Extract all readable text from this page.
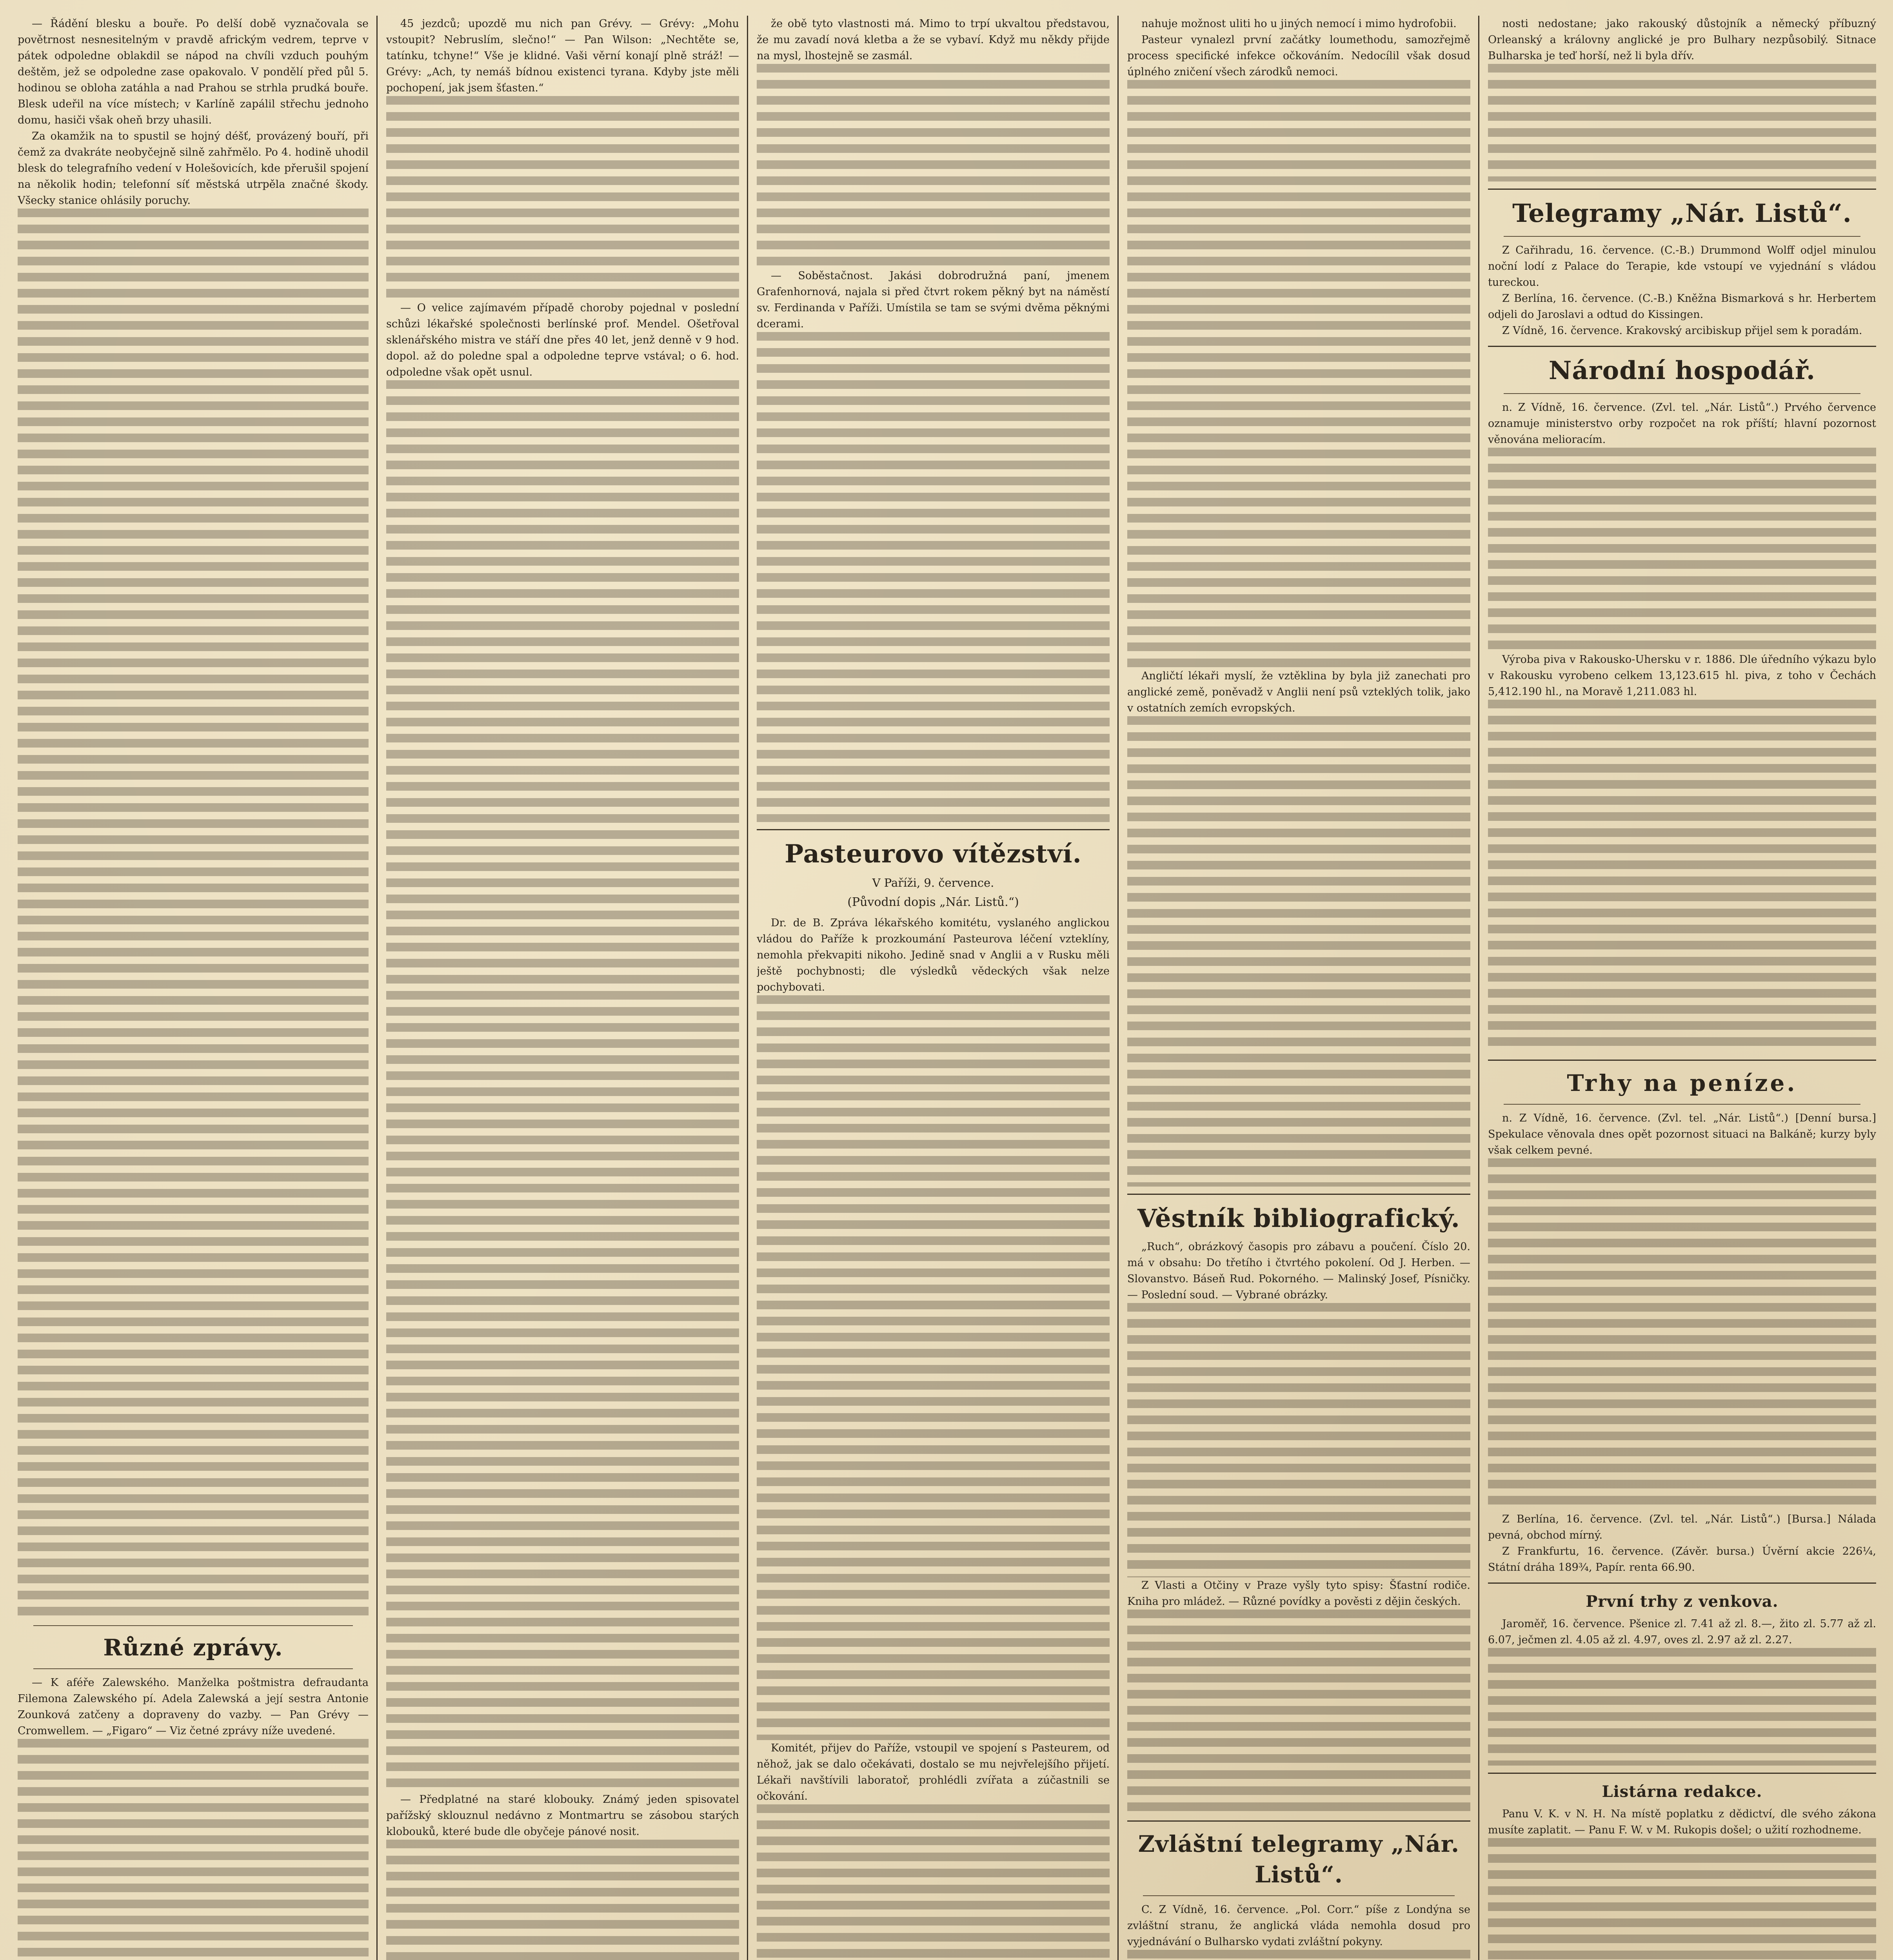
— Řádění blesku a bouře. Po delší době vyznačovala se povětrnost nesnesitelným v pravdě africkým vedrem, teprve v pátek odpoledne oblakdil se nápod na chvíli vzduch pouhým deštěm, jež se odpoledne zase opakovalo. V pondělí před půl 5. hodinou se obloha zatáhla a nad Prahou se strhla prudká bouře. Blesk udeřil na více místech; v Karlíně zapálil střechu jednoho domu, hasiči však oheň brzy uhasili.

Za okamžik na to spustil se hojný déšť, provázený bouří, při čemž za dvakráte neobyčejně silně zahřmělo. Po 4. hodině uhodil blesk do telegrafního vedení v Holešovicích, kde přerušil spojení na několik hodin; telefonní síť městská utrpěla značné škody. Všecky stanice ohlásily poruchy.

Různé zprávy.

— K aféře Zalewského. Manželka poštmistra defraudanta Filemona Zalewského pí. Adela Zalewská a její sestra Antonie Zounková zatčeny a dopraveny do vazby. — Pan Grévy — Cromwellem. — „Figaro“ — Viz četné zprávy níže uvedené.

45 jezdců; upozdě mu nich pan Grévy. — Grévy: „Mohu vstoupit? Nebruslím, slečno!“ — Pan Wilson: „Nechtěte se, tatínku, tchyne!“ Vše je klidné. Vaši věrní konají plně stráž! — Grévy: „Ach, ty nemáš bídnou existenci tyrana. Kdyby jste měli pochopení, jak jsem šťasten.“

— O velice zajímavém případě choroby pojednal v poslední schůzi lékařské společnosti berlínské prof. Mendel. Ošetřoval sklenářského mistra ve stáří dne přes 40 let, jenž denně v 9 hod. dopol. až do poledne spal a odpoledne teprve vstával; o 6. hod. odpoledne však opět usnul.

— Předplatné na staré klobouky. Známý jeden spisovatel pařížský sklouznul nedávno z Montmartru se zásobou starých klobouků, které bude dle obyčeje pánové nosit.

že obě tyto vlastnosti má. Mimo to trpí ukvaltou představou, že mu zavadí nová kletba a že se vybaví. Když mu někdy přijde na mysl, lhostejně se zasmál.

— Soběstačnost. Jakási dobrodružná paní, jmenem Grafenhornová, najala si před čtvrt rokem pěkný byt na náměstí sv. Ferdinanda v Paříži. Umístila se tam se svými dvěma pěknými dcerami.

Pasteurovo vítězství.
V Paříži, 9. července.
(Původní dopis „Nár. Listů.“)

Dr. de B. Zpráva lékařského komitétu, vyslaného anglickou vládou do Paříže k prozkoumání Pasteurova léčení vzteklíny, nemohla překvapiti nikoho. Jedině snad v Anglii a v Rusku měli ještě pochybnosti; dle výsledků vědeckých však nelze pochybovati.

Komitét, přijev do Paříže, vstoupil ve spojení s Pasteurem, od něhož, jak se dalo očekávati, dostalo se mu nejvřelejšího přijetí. Lékaři navštívili laboratoř, prohlédli zvířata a zúčastnili se očkování.

nahuje možnost uliti ho u jiných nemocí i mimo hydrofobii.

Pasteur vynalezl první začátky loumethodu, samozřejmě process specifické infekce očkováním. Nedocílil však dosud úplného zničení všech zárodků nemoci.

Angličtí lékaři myslí, že vztěklina by byla již zanechati pro anglické země, poněvadž v Anglii není psů vzteklých tolik, jako v ostatních zemích evropských.

Věstník bibliografický.

„Ruch“, obrázkový časopis pro zábavu a poučení. Číslo 20. má v obsahu: Do třetího i čtvrtého pokolení. Od J. Herben. — Slovanstvo. Báseň Rud. Pokorného. — Malinský Josef, Písničky. — Poslední soud. — Vybrané obrázky.

Z Vlasti a Otčiny v Praze vyšly tyto spisy: Šťastní rodiče. Kniha pro mládež. — Různé povídky a pověsti z dějin českých.

Zvláštní telegramy „Nár. Listů“.

C. Z Vídně, 16. července. „Pol. Corr.“ píše z Londýna se zvláštní stranu, že anglická vláda nemohla dosud pro vyjednávání o Bulharsko vydati zvláštní pokyny.

nosti nedostane; jako rakouský důstojník a německý příbuzný Orleanský a královny anglické je pro Bulhary nezpůsobilý. Sitnace Bulharska je teď horší, než li byla dřív.

Telegramy „Nár. Listů“.

Z Cařihradu, 16. července. (C.-B.) Drummond Wolff odjel minulou noční lodí z Palace do Terapie, kde vstoupí ve vyjednání s vládou tureckou.

Z Berlína, 16. července. (C.-B.) Kněžna Bismarková s hr. Herbertem odjeli do Jaroslavi a odtud do Kissingen.

Z Vídně, 16. července. Krakovský arcibiskup přijel sem k poradám.

Národní hospodář.

n. Z Vídně, 16. července. (Zvl. tel. „Nár. Listů“.) Prvého července oznamuje ministerstvo orby rozpočet na rok příští; hlavní pozornost věnována melioracím.

Výroba piva v Rakousko-Uhersku v r. 1886. Dle úředního výkazu bylo v Rakousku vyrobeno celkem 13,123.615 hl. piva, z toho v Čechách 5,412.190 hl., na Moravě 1,211.083 hl.

Trhy na peníze.

n. Z Vídně, 16. července. (Zvl. tel. „Nár. Listů“.) [Denní bursa.] Spekulace věnovala dnes opět pozornost situaci na Balkáně; kurzy byly však celkem pevné.

Z Berlína, 16. července. (Zvl. tel. „Nár. Listů“.) [Bursa.] Nálada pevná, obchod mírný.

Z Frankfurtu, 16. července. (Závěr. bursa.) Úvěrní akcie 226¼, Státní dráha 189¾, Papír. renta 66.90.

První trhy z venkova.

Jaroměř, 16. července. Pšenice zl. 7.41 až zl. 8.—, žito zl. 5.77 až zl. 6.07, ječmen zl. 4.05 až zl. 4.97, oves zl. 2.97 až zl. 2.27.

Listárna redakce.

Panu V. K. v N. H. Na místě poplatku z dědictví, dle svého zákona musíte zaplatit. — Panu F. W. v M. Rukopis došel; o užití rozhodneme.
